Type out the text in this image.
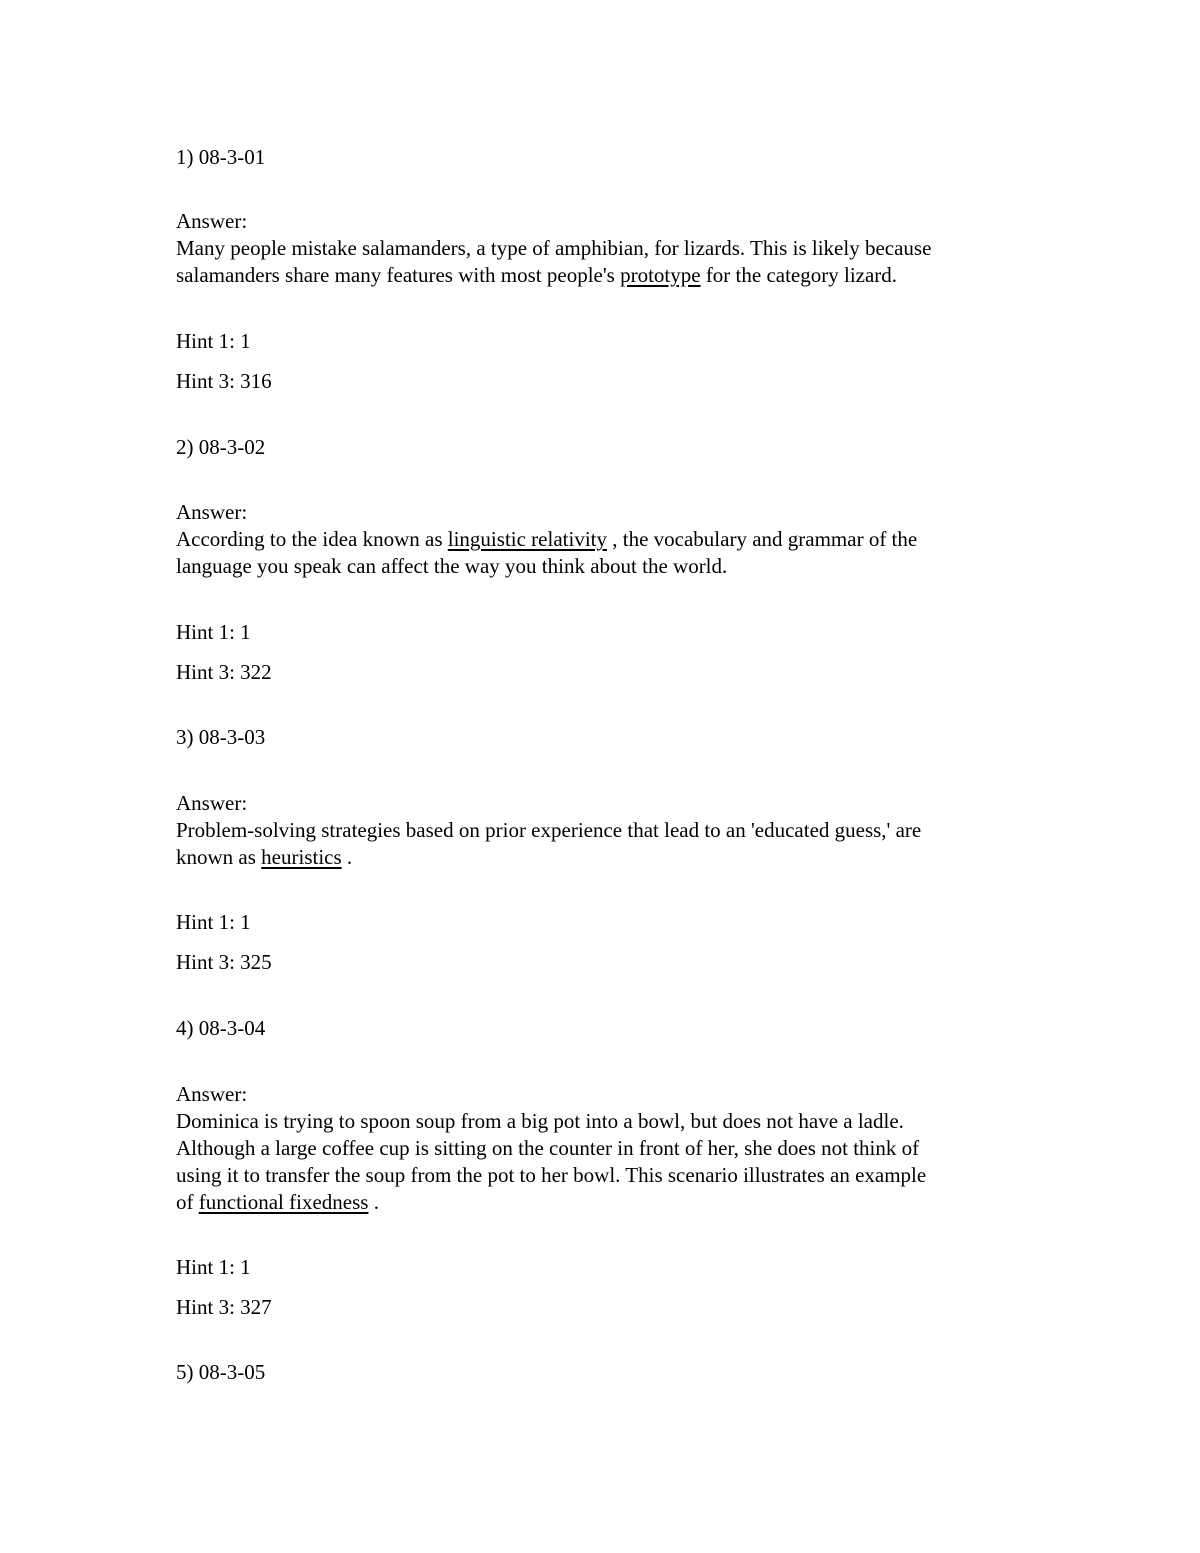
1) 08-3-01
Answer:
Many people mistake salamanders, a type of amphibian, for lizards. This is likely because
salamanders share many features with most people's prototype for the category lizard.
Hint 1: 1
Hint 3: 316
2) 08-3-02
Answer:
According to the idea known as linguistic relativity , the vocabulary and grammar of the
language you speak can affect the way you think about the world.
Hint 1: 1
Hint 3: 322
3) 08-3-03
Answer:
Problem-solving strategies based on prior experience that lead to an 'educated guess,' are
known as heuristics .
Hint 1: 1
Hint 3: 325
4) 08-3-04
Answer:
Dominica is trying to spoon soup from a big pot into a bowl, but does not have a ladle.
Although a large coffee cup is sitting on the counter in front of her, she does not think of
using it to transfer the soup from the pot to her bowl. This scenario illustrates an example
of functional fixedness .
Hint 1: 1
Hint 3: 327
5) 08-3-05
